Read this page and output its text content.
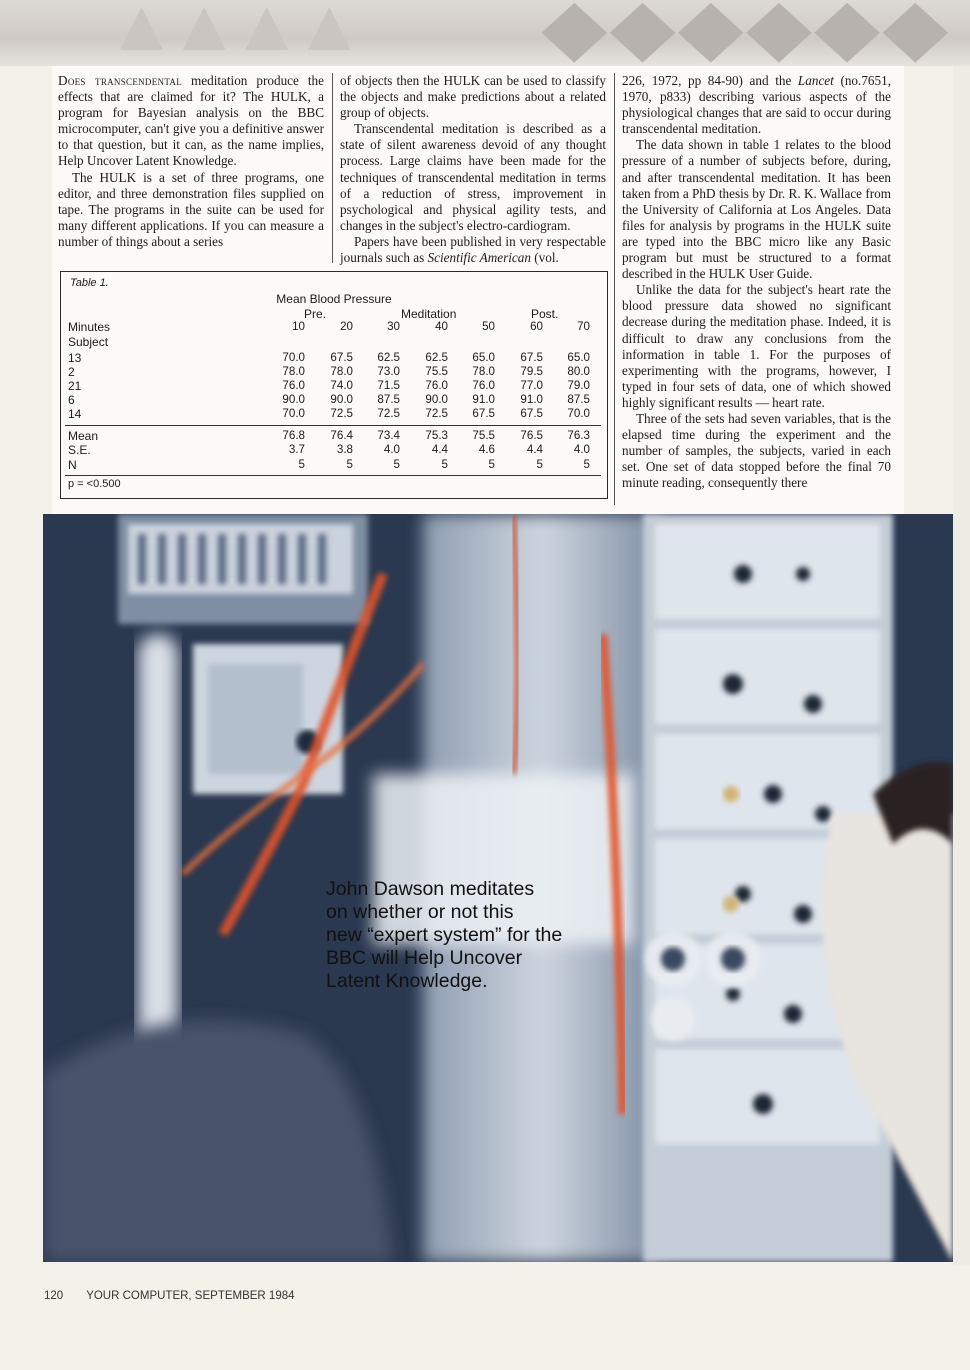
▲ ▲ ▲ ▲ ◆◆◆◆◆◆

Does transcendental meditation produce the effects that are claimed for it? The HULK, a program for Bayesian analysis on the BBC microcomputer, can't give you a definitive answer to that question, but it can, as the name implies, Help Uncover Latent Knowledge.

The HULK is a set of three programs, one editor, and three demonstration files supplied on tape. The programs in the suite can be used for many different applications. If you can measure a number of things about a series

of objects then the HULK can be used to classify the objects and make predictions about a related group of objects.

Transcendental meditation is described as a state of silent awareness devoid of any thought process. Large claims have been made for the techniques of transcendental meditation in terms of a reduction of stress, improvement in psychological and physical agility tests, and changes in the subject's electro-cardiogram.

Papers have been published in very respectable journals such as Scientific American (vol.

226, 1972, pp 84-90) and the Lancet (no.7651, 1970, p833) describing various aspects of the physiological changes that are said to occur during transcendental meditation.

The data shown in table 1 relates to the blood pressure of a number of subjects before, during, and after transcendental meditation. It has been taken from a PhD thesis by Dr. R. K. Wallace from the University of California at Los Angeles. Data files for analysis by programs in the HULK suite are typed into the BBC micro like any Basic program but must be structured to a format described in the HULK User Guide.

Unlike the data for the subject's heart rate the blood pressure data showed no significant decrease during the meditation phase. Indeed, it is difficult to draw any conclusions from the information in table 1. For the purposes of experimenting with the programs, however, I typed in four sets of data, one of which showed highly significant results — heart rate.

Three of the sets had seven variables, that is the elapsed time during the experiment and the number of samples, the subjects, varied in each set. One set of data stopped before the final 70 minute reading, consequently there

Table 1.
Mean Blood Pressure
Pre.	Meditation	Post.
Minutes
Subject
10	20	30	40	50	60	70
13	70.0	67.5	62.5	62.5	65.0	67.5	65.0
2	78.0	78.0	73.0	75.5	78.0	79.5	80.0
21	76.0	74.0	71.5	76.0	76.0	77.0	79.0
6	90.0	90.0	87.5	90.0	91.0	91.0	87.5
14	70.0	72.5	72.5	72.5	67.5	67.5	70.0
Mean	76.8	76.4	73.4	75.3	75.5	76.5	76.3
S.E.	3.7	3.8	4.0	4.4	4.6	4.4	4.0
N	5	5	5	5	5	5	5
p = <0.500
John Dawson meditates
on whether or not this
new “expert system” for the
BBC will Help Uncover
Latent Knowledge.
120 YOUR COMPUTER, SEPTEMBER 1984
